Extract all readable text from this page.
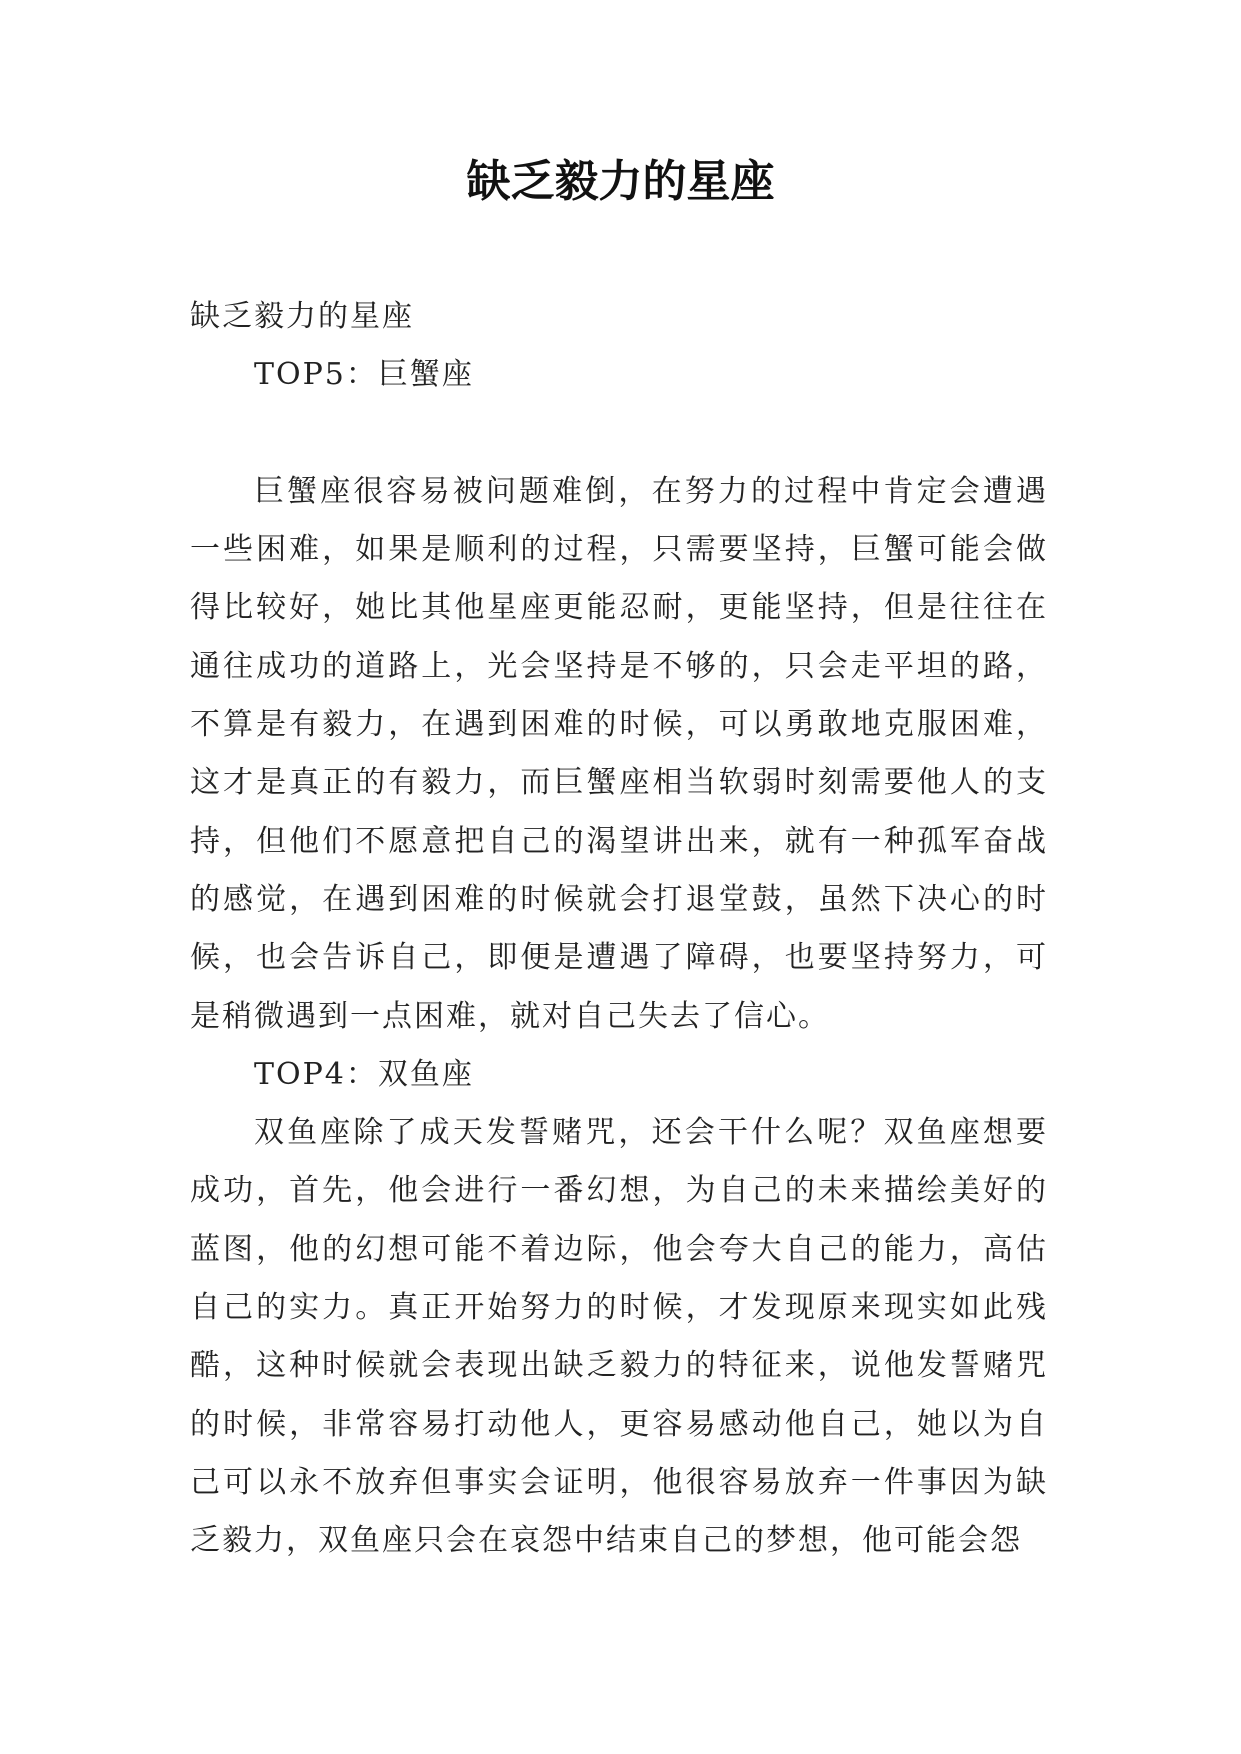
缺乏毅力的星座

缺乏毅力的星座

TOP5：巨蟹座

巨蟹座很容易被问题难倒，在努力的过程中肯定会遭遇一些困难，如果是顺利的过程，只需要坚持，巨蟹可能会做得比较好，她比其他星座更能忍耐，更能坚持，但是往往在通往成功的道路上，光会坚持是不够的，只会走平坦的路，不算是有毅力，在遇到困难的时候，可以勇敢地克服困难，这才是真正的有毅力，而巨蟹座相当软弱时刻需要他人的支持，但他们不愿意把自己的渴望讲出来，就有一种孤军奋战的感觉，在遇到困难的时候就会打退堂鼓，虽然下决心的时候，也会告诉自己，即便是遭遇了障碍，也要坚持努力，可是稍微遇到一点困难，就对自己失去了信心。

TOP4：双鱼座

双鱼座除了成天发誓赌咒，还会干什么呢？双鱼座想要成功，首先，他会进行一番幻想，为自己的未来描绘美好的蓝图，他的幻想可能不着边际，他会夸大自己的能力，高估自己的实力。真正开始努力的时候，才发现原来现实如此残酷，这种时候就会表现出缺乏毅力的特征来，说他发誓赌咒的时候，非常容易打动他人，更容易感动他自己，她以为自己可以永不放弃但事实会证明，他很容易放弃一件事因为缺乏毅力，双鱼座只会在哀怨中结束自己的梦想，他可能会怨
